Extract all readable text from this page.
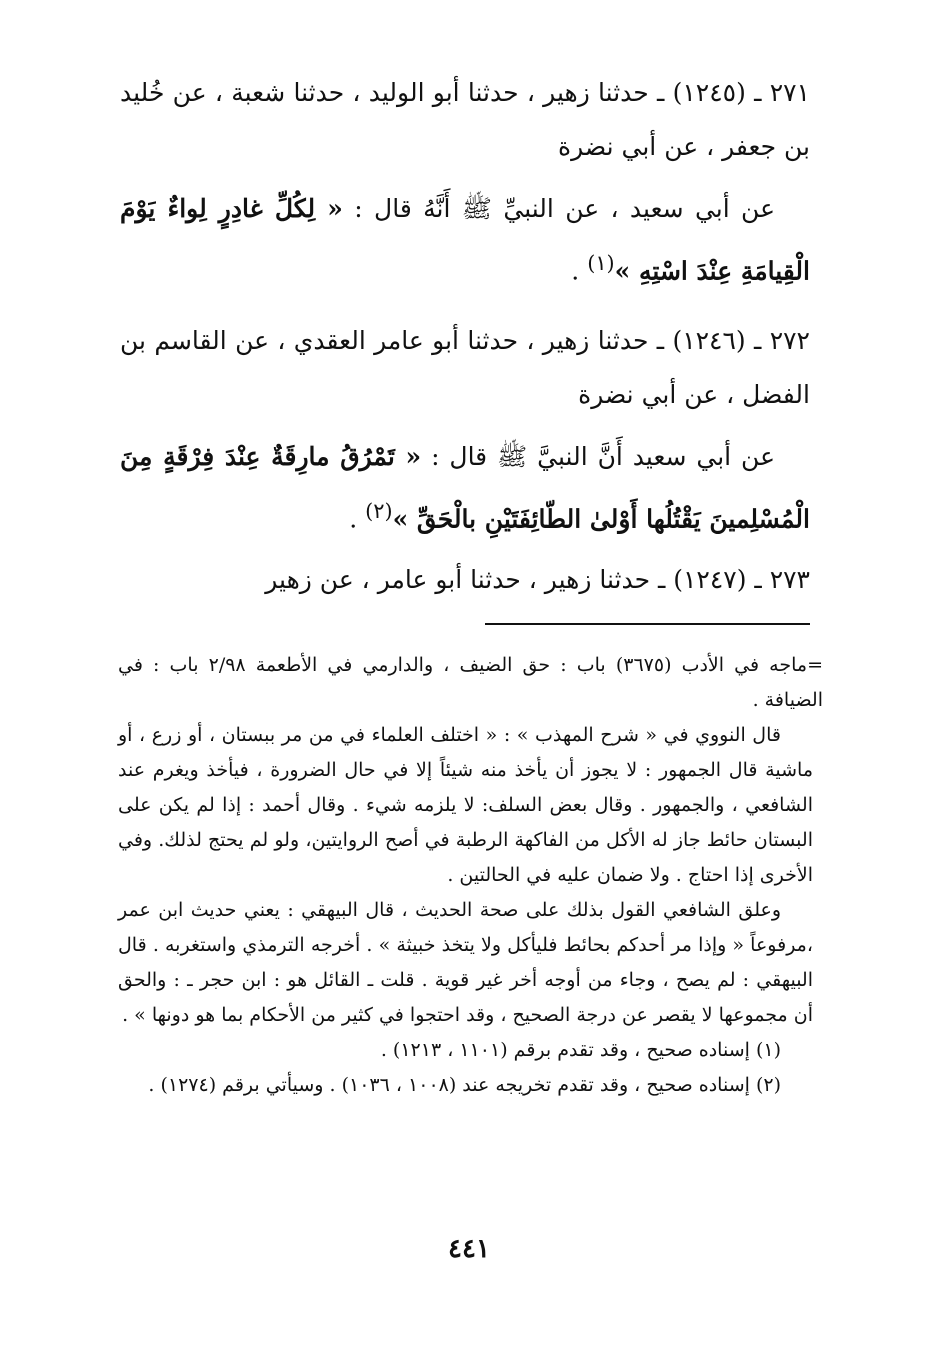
٢٧١ ـ (١٢٤٥) ـ حدثنا زهير ، حدثنا أبو الوليد ، حدثنا شعبة ، عن خُليد بن جعفر ، عن أبي نضرة

عن أبي سعيد ، عن النبيِّ ﷺ أَنَّهُ قال : « لِكُلِّ غادِرٍ لِواءٌ يَوْمَ الْقِيامَةِ عِنْدَ اسْتِهِ »$^{(١)}$ .

٢٧٢ ـ (١٢٤٦) ـ حدثنا زهير ، حدثنا أبو عامر العقدي ، عن القاسم بن الفضل ، عن أبي نضرة

عن أبي سعيد أَنَّ النبيَّ ﷺ قال : « تَمْرُقُ مارِقَةٌ عِنْدَ فِرْقَةٍ مِنَ الْمُسْلِمينَ يَقْتُلُها أَوْلىٰ الطّائِفَتَيْنِ بالْحَقِّ »$^{(٢)}$ .

٢٧٣ ـ (١٢٤٧) ـ حدثنا زهير ، حدثنا أبو عامر ، عن زهير

=ماجه في الأدب (٣٦٧٥) باب : حق الضيف ، والدارمي في الأطعمة ٢/٩٨ باب : في الضيافة .

قال النووي في « شرح المهذب » : « اختلف العلماء في من مر ببستان ، أو زرع ، أو ماشية قال الجمهور : لا يجوز أن يأخذ منه شيئاً إلا في حال الضرورة ، فيأخذ ويغرم عند الشافعي ، والجمهور . وقال بعض السلف: لا يلزمه شيء . وقال أحمد : إذا لم يكن على البستان حائط جاز له الأكل من الفاكهة الرطبة في أصح الروايتين، ولو لم يحتج لذلك. وفي الأخرى إذا احتاج . ولا ضمان عليه في الحالتين .

وعلق الشافعي القول بذلك على صحة الحديث ، قال البيهقي : يعني حديث ابن عمر ،مرفوعاً « وإذا مر أحدكم بحائط فليأكل ولا يتخذ خبيثة » . أخرجه الترمذي واستغربه . قال البيهقي : لم يصح ، وجاء من أوجه أخر غير قوية . قلت ـ القائل هو : ابن حجر ـ : والحق أن مجموعها لا يقصر عن درجة الصحيح ، وقد احتجوا في كثير من الأحكام بما هو دونها » .

(١) إسناده صحيح ، وقد تقدم برقم (١١٠١ ، ١٢١٣) .

(٢) إسناده صحيح ، وقد تقدم تخريجه عند (١٠٠٨ ، ١٠٣٦) . وسيأتي برقم (١٢٧٤) .

٤٤١
